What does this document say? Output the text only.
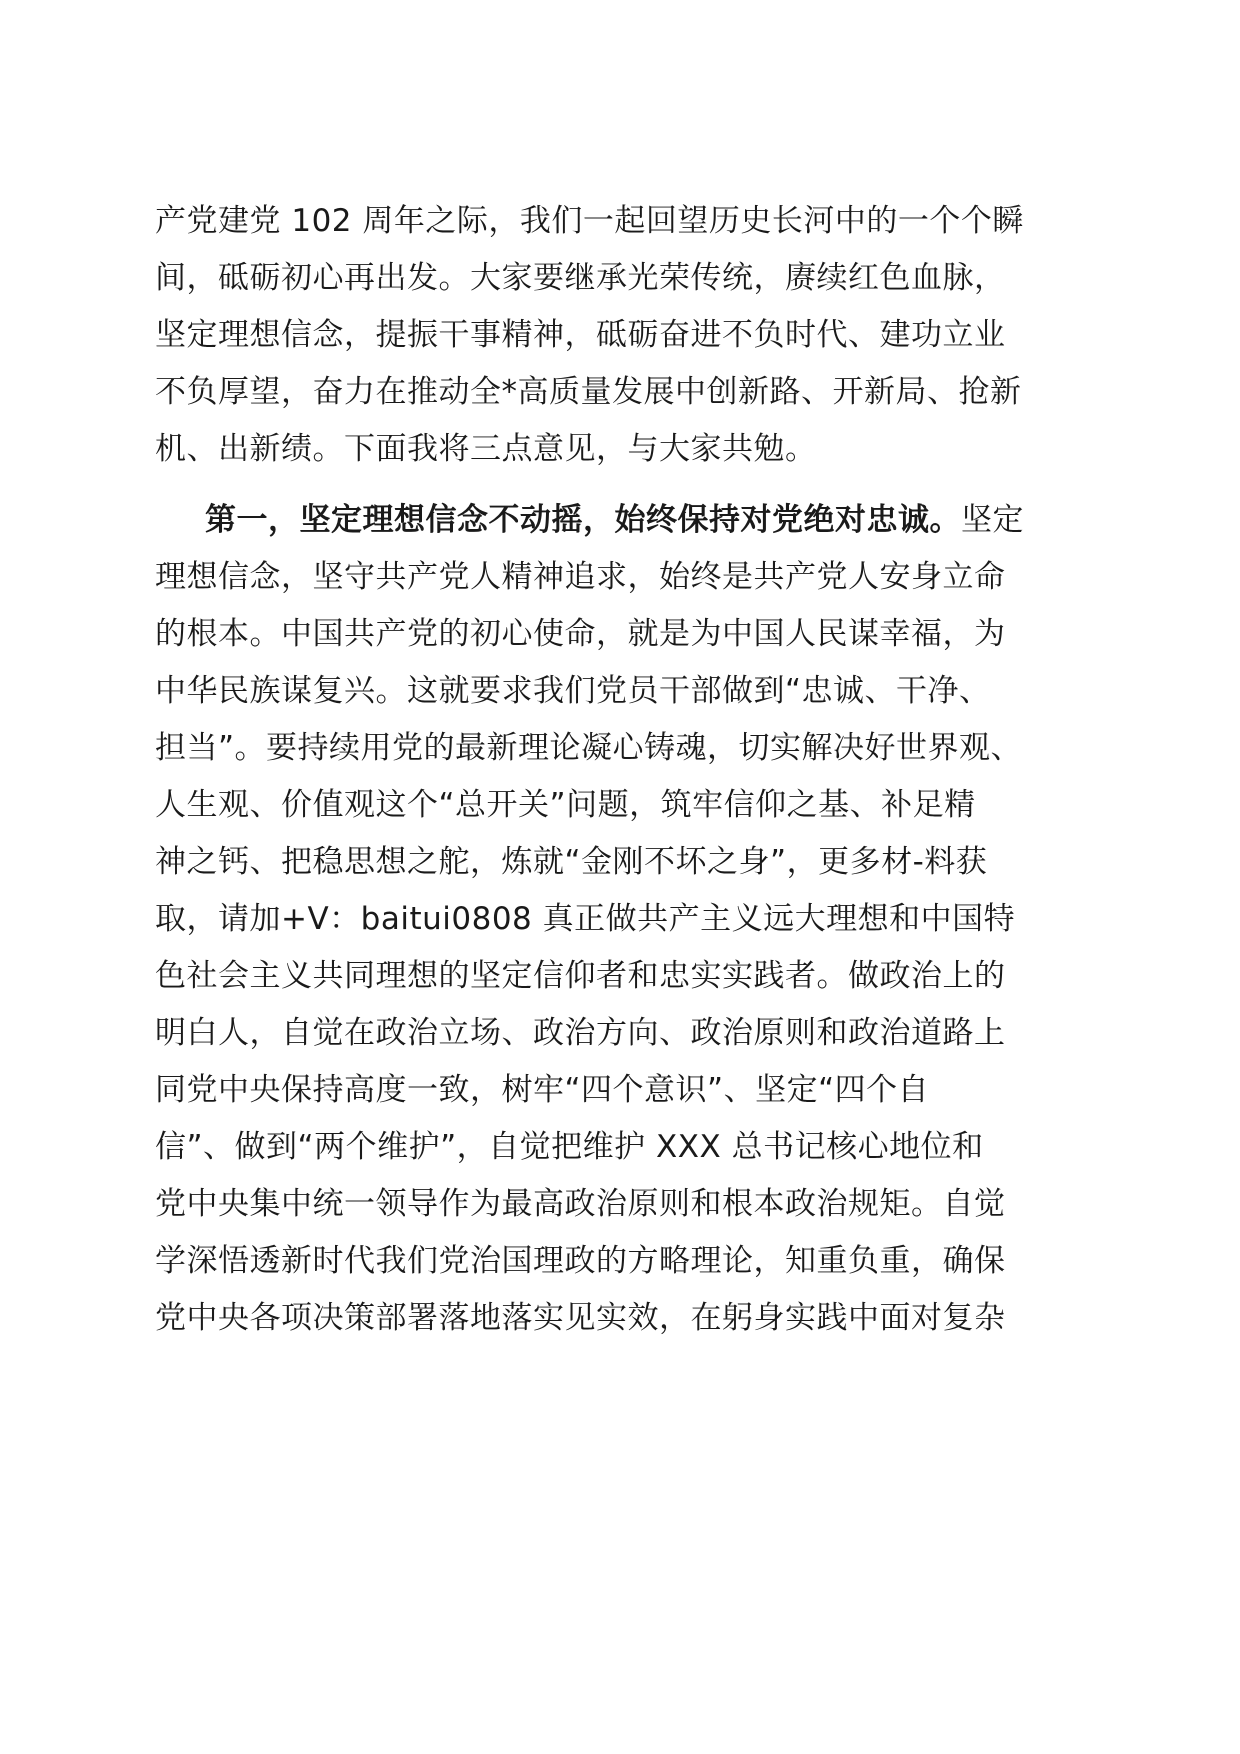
产党建党 102 周年之际，我们一起回望历史长河中的一个个瞬
间，砥砺初心再出发。大家要继承光荣传统，赓续红色血脉，
坚定理想信念，提振干事精神，砥砺奋进不负时代、建功立业
不负厚望，奋力在推动全*高质量发展中创新路、开新局、抢新
机、出新绩。下面我将三点意见，与大家共勉。
第一，坚定理想信念不动摇，始终保持对党绝对忠诚。坚定
理想信念，坚守共产党人精神追求，始终是共产党人安身立命
的根本。中国共产党的初心使命，就是为中国人民谋幸福，为
中华民族谋复兴。这就要求我们党员干部做到“忠诚、干净、
担当”。要持续用党的最新理论凝心铸魂，切实解决好世界观、
人生观、价值观这个“总开关”问题，筑牢信仰之基、补足精
神之钙、把稳思想之舵，炼就“金刚不坏之身”，更多材-料获
取，请加+V：baitui0808 真正做共产主义远大理想和中国特
色社会主义共同理想的坚定信仰者和忠实实践者。做政治上的
明白人，自觉在政治立场、政治方向、政治原则和政治道路上
同党中央保持高度一致，树牢“四个意识”、坚定“四个自
信”、做到“两个维护”，自觉把维护 XXX 总书记核心地位和
党中央集中统一领导作为最高政治原则和根本政治规矩。自觉
学深悟透新时代我们党治国理政的方略理论，知重负重，确保
党中央各项决策部署落地落实见实效，在躬身实践中面对复杂
